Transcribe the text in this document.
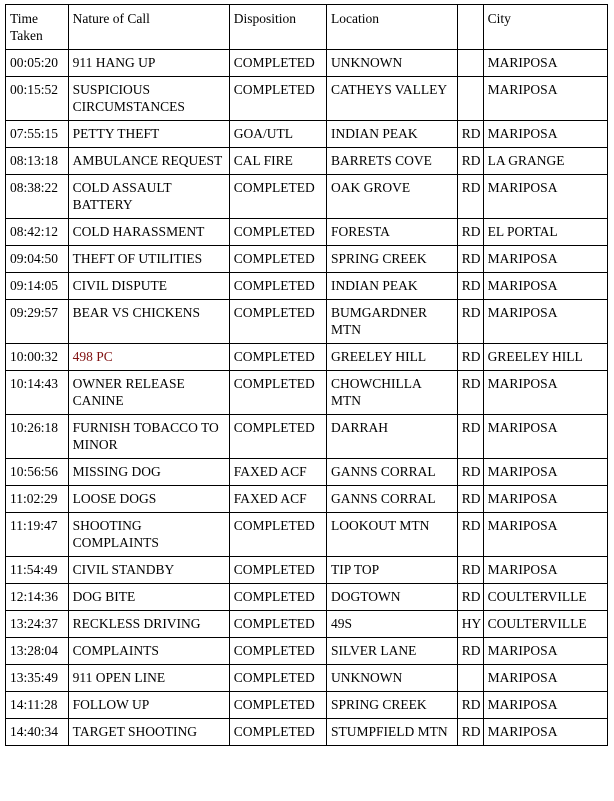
Time Taken	Nature of Call	Disposition	Location		City
00:05:20	911 HANG UP	COMPLETED	UNKNOWN		MARIPOSA
00:15:52	SUSPICIOUS CIRCUMSTANCES	COMPLETED	CATHEYS VALLEY		MARIPOSA
07:55:15	PETTY THEFT	GOA/UTL	INDIAN PEAK	RD	MARIPOSA
08:13:18	AMBULANCE REQUEST	CAL FIRE	BARRETS COVE	RD	LA GRANGE
08:38:22	COLD ASSAULT BATTERY	COMPLETED	OAK GROVE	RD	MARIPOSA
08:42:12	COLD HARASSMENT	COMPLETED	FORESTA	RD	EL PORTAL
09:04:50	THEFT OF UTILITIES	COMPLETED	SPRING CREEK	RD	MARIPOSA
09:14:05	CIVIL DISPUTE	COMPLETED	INDIAN PEAK	RD	MARIPOSA
09:29:57	BEAR VS CHICKENS	COMPLETED	BUMGARDNER MTN	RD	MARIPOSA
10:00:32	498 PC	COMPLETED	GREELEY HILL	RD	GREELEY HILL
10:14:43	OWNER RELEASE CANINE	COMPLETED	CHOWCHILLA MTN	RD	MARIPOSA
10:26:18	FURNISH TOBACCO TO MINOR	COMPLETED	DARRAH	RD	MARIPOSA
10:56:56	MISSING DOG	FAXED ACF	GANNS CORRAL	RD	MARIPOSA
11:02:29	LOOSE DOGS	FAXED ACF	GANNS CORRAL	RD	MARIPOSA
11:19:47	SHOOTING COMPLAINTS	COMPLETED	LOOKOUT MTN	RD	MARIPOSA
11:54:49	CIVIL STANDBY	COMPLETED	TIP TOP	RD	MARIPOSA
12:14:36	DOG BITE	COMPLETED	DOGTOWN	RD	COULTERVILLE
13:24:37	RECKLESS DRIVING	COMPLETED	49S	HY	COULTERVILLE
13:28:04	COMPLAINTS	COMPLETED	SILVER LANE	RD	MARIPOSA
13:35:49	911 OPEN LINE	COMPLETED	UNKNOWN		MARIPOSA
14:11:28	FOLLOW UP	COMPLETED	SPRING CREEK	RD	MARIPOSA
14:40:34	TARGET SHOOTING	COMPLETED	STUMPFIELD MTN	RD	MARIPOSA
